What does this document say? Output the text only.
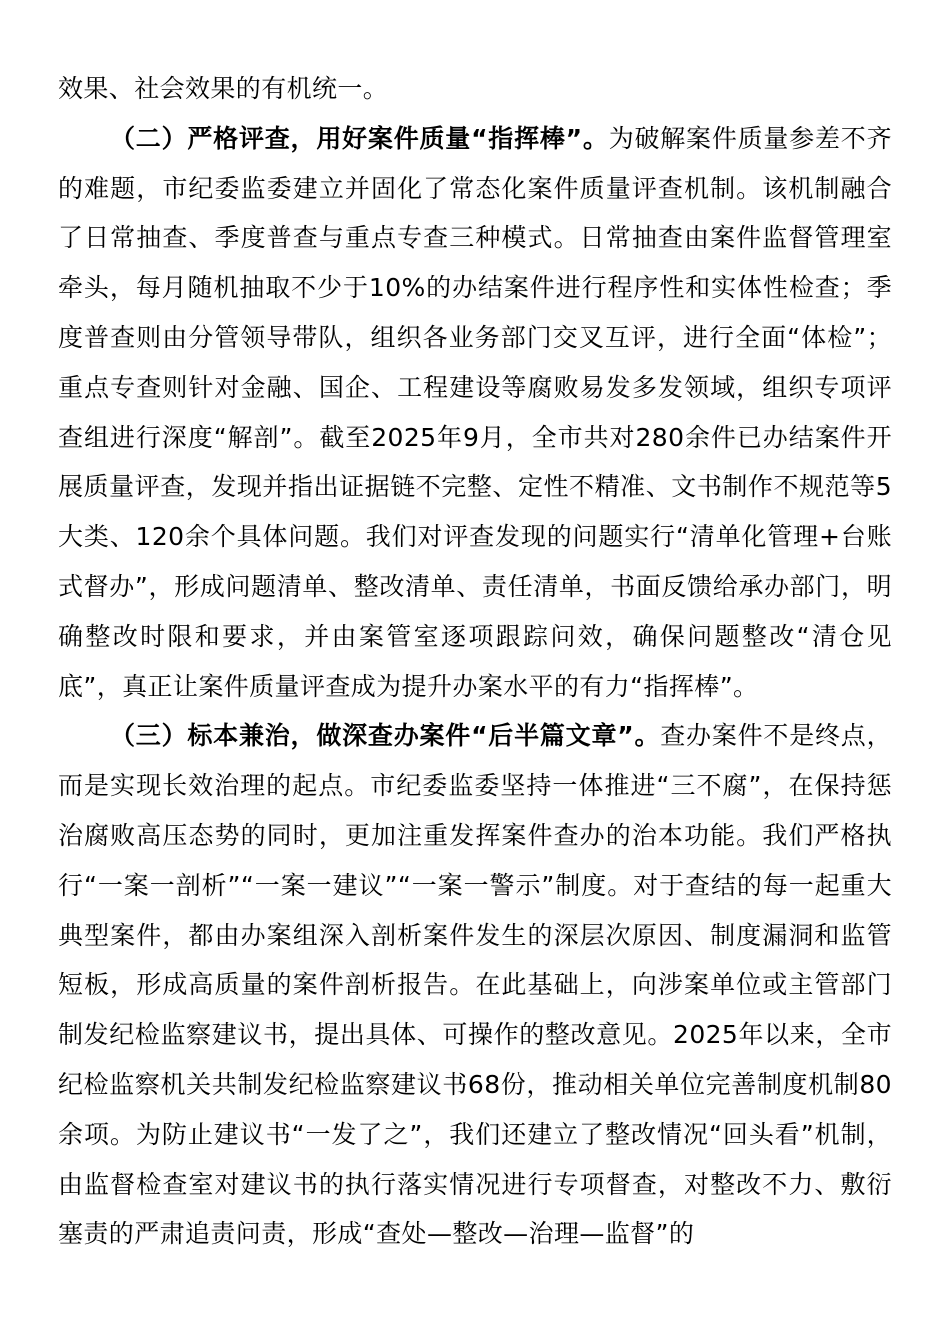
效果、社会效果的有机统一。

（二）严格评查，用好案件质量“指挥棒”。为破解案件质量参差不齐的难题，市纪委监委建立并固化了常态化案件质量评查机制。该机制融合了日常抽查、季度普查与重点专查三种模式。日常抽查由案件监督管理室牵头，每月随机抽取不少于10%的办结案件进行程序性和实体性检查；季度普查则由分管领导带队，组织各业务部门交叉互评，进行全面“体检”；重点专查则针对金融、国企、工程建设等腐败易发多发领域，组织专项评查组进行深度“解剖”。截至2025年9月，全市共对280余件已办结案件开展质量评查，发现并指出证据链不完整、定性不精准、文书制作不规范等5大类、120余个具体问题。我们对评查发现的问题实行“清单化管理+台账式督办”，形成问题清单、整改清单、责任清单，书面反馈给承办部门，明确整改时限和要求，并由案管室逐项跟踪问效，确保问题整改“清仓见底”，真正让案件质量评查成为提升办案水平的有力“指挥棒”。

（三）标本兼治，做深查办案件“后半篇文章”。查办案件不是终点，而是实现长效治理的起点。市纪委监委坚持一体推进“三不腐”，在保持惩治腐败高压态势的同时，更加注重发挥案件查办的治本功能。我们严格执行“一案一剖析”“一案一建议”“一案一警示”制度。对于查结的每一起重大典型案件，都由办案组深入剖析案件发生的深层次原因、制度漏洞和监管短板，形成高质量的案件剖析报告。在此基础上，向涉案单位或主管部门制发纪检监察建议书，提出具体、可操作的整改意见。2025年以来，全市纪检监察机关共制发纪检监察建议书68份，推动相关单位完善制度机制80余项。为防止建议书“一发了之”，我们还建立了整改情况“回头看”机制，由监督检查室对建议书的执行落实情况进行专项督查，对整改不力、敷衍塞责的严肃追责问责，形成“查处—整改—治理—监督”的
